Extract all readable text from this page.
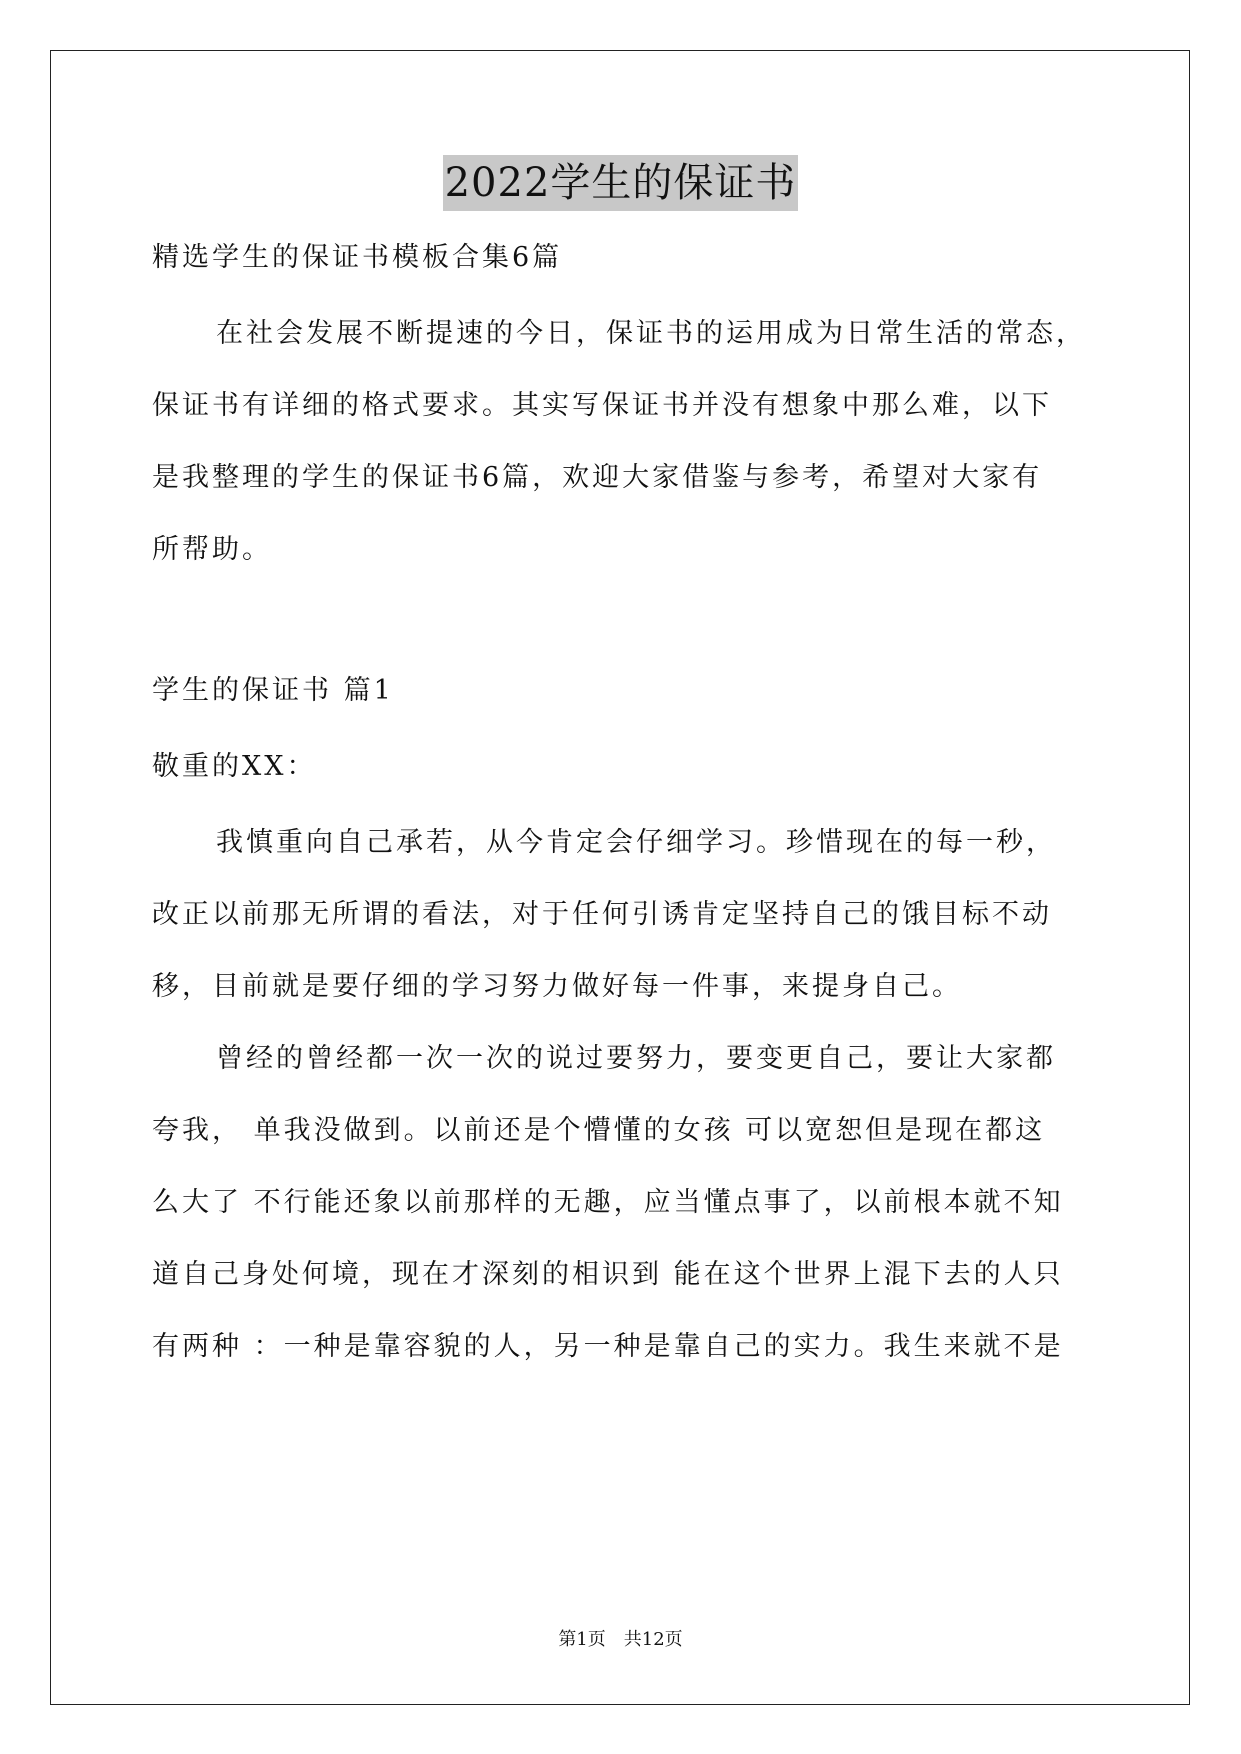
2022学生的保证书
精选学生的保证书模板合集6篇
在社会发展不断提速的今日，保证书的运用成为日常生活的常态，
保证书有详细的格式要求。其实写保证书并没有想象中那么难，以下
是我整理的学生的保证书6篇，欢迎大家借鉴与参考，希望对大家有
所帮助。
学生的保证书 篇1
敬重的XX：
我慎重向自己承若，从今肯定会仔细学习。珍惜现在的每一秒，
改正以前那无所谓的看法，对于任何引诱肯定坚持自己的饿目标不动
移，目前就是要仔细的学习努力做好每一件事，来提身自己。
曾经的曾经都一次一次的说过要努力，要变更自己，要让大家都
夸我， 单我没做到。以前还是个懵懂的女孩 可以宽恕但是现在都这
么大了 不行能还象以前那样的无趣，应当懂点事了，以前根本就不知
道自己身处何境，现在才深刻的相识到 能在这个世界上混下去的人只
有两种 ：一种是靠容貌的人，另一种是靠自己的实力。我生来就不是
第1页　共12页
